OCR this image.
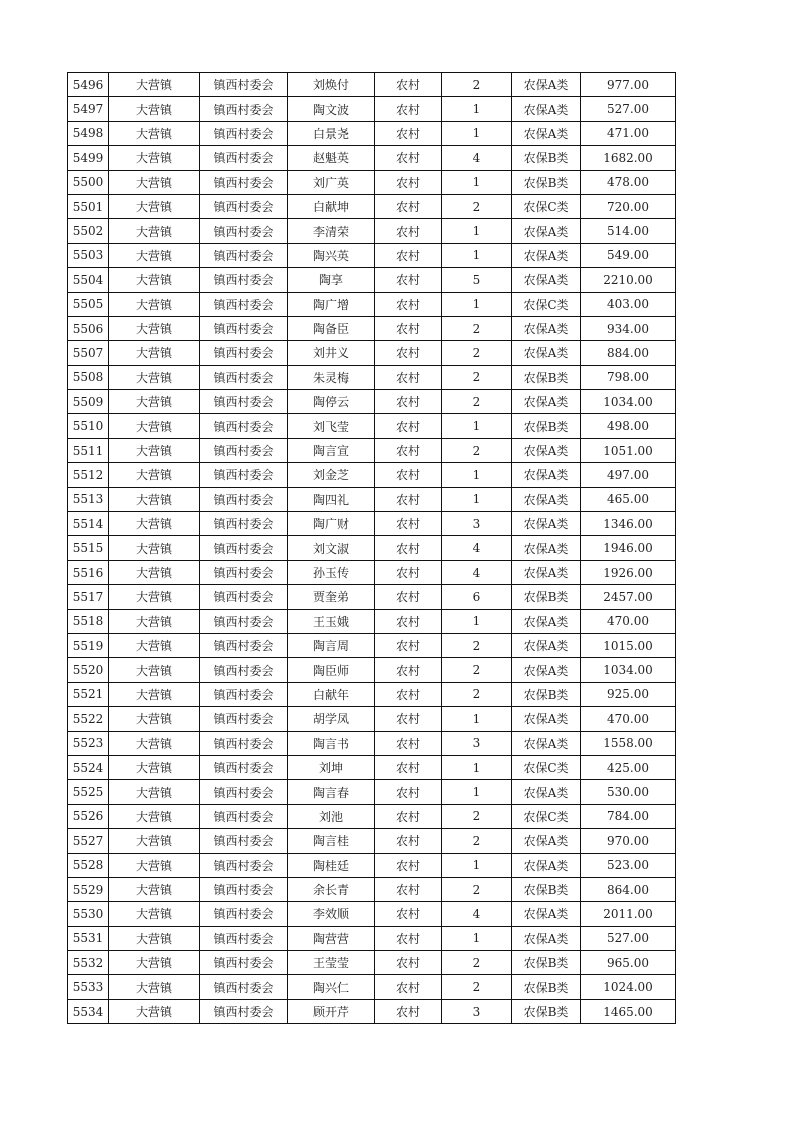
5496	大营镇	镇西村委会	刘焕付	农村	2	农保A类	977.00
5497	大营镇	镇西村委会	陶文波	农村	1	农保A类	527.00
5498	大营镇	镇西村委会	白景尧	农村	1	农保A类	471.00
5499	大营镇	镇西村委会	赵魁英	农村	4	农保B类	1682.00
5500	大营镇	镇西村委会	刘广英	农村	1	农保B类	478.00
5501	大营镇	镇西村委会	白献坤	农村	2	农保C类	720.00
5502	大营镇	镇西村委会	李清荣	农村	1	农保A类	514.00
5503	大营镇	镇西村委会	陶兴英	农村	1	农保A类	549.00
5504	大营镇	镇西村委会	陶享	农村	5	农保A类	2210.00
5505	大营镇	镇西村委会	陶广增	农村	1	农保C类	403.00
5506	大营镇	镇西村委会	陶备臣	农村	2	农保A类	934.00
5507	大营镇	镇西村委会	刘井义	农村	2	农保A类	884.00
5508	大营镇	镇西村委会	朱灵梅	农村	2	农保B类	798.00
5509	大营镇	镇西村委会	陶停云	农村	2	农保A类	1034.00
5510	大营镇	镇西村委会	刘飞莹	农村	1	农保B类	498.00
5511	大营镇	镇西村委会	陶言宣	农村	2	农保A类	1051.00
5512	大营镇	镇西村委会	刘金芝	农村	1	农保A类	497.00
5513	大营镇	镇西村委会	陶四礼	农村	1	农保A类	465.00
5514	大营镇	镇西村委会	陶广财	农村	3	农保A类	1346.00
5515	大营镇	镇西村委会	刘文淑	农村	4	农保A类	1946.00
5516	大营镇	镇西村委会	孙玉传	农村	4	农保A类	1926.00
5517	大营镇	镇西村委会	贾奎弟	农村	6	农保B类	2457.00
5518	大营镇	镇西村委会	王玉娥	农村	1	农保A类	470.00
5519	大营镇	镇西村委会	陶言周	农村	2	农保A类	1015.00
5520	大营镇	镇西村委会	陶臣师	农村	2	农保A类	1034.00
5521	大营镇	镇西村委会	白献年	农村	2	农保B类	925.00
5522	大营镇	镇西村委会	胡学凤	农村	1	农保A类	470.00
5523	大营镇	镇西村委会	陶言书	农村	3	农保A类	1558.00
5524	大营镇	镇西村委会	刘坤	农村	1	农保C类	425.00
5525	大营镇	镇西村委会	陶言春	农村	1	农保A类	530.00
5526	大营镇	镇西村委会	刘池	农村	2	农保C类	784.00
5527	大营镇	镇西村委会	陶言桂	农村	2	农保A类	970.00
5528	大营镇	镇西村委会	陶桂廷	农村	1	农保A类	523.00
5529	大营镇	镇西村委会	余长青	农村	2	农保B类	864.00
5530	大营镇	镇西村委会	李效顺	农村	4	农保A类	2011.00
5531	大营镇	镇西村委会	陶营营	农村	1	农保A类	527.00
5532	大营镇	镇西村委会	王莹莹	农村	2	农保B类	965.00
5533	大营镇	镇西村委会	陶兴仁	农村	2	农保B类	1024.00
5534	大营镇	镇西村委会	顾开芹	农村	3	农保B类	1465.00
